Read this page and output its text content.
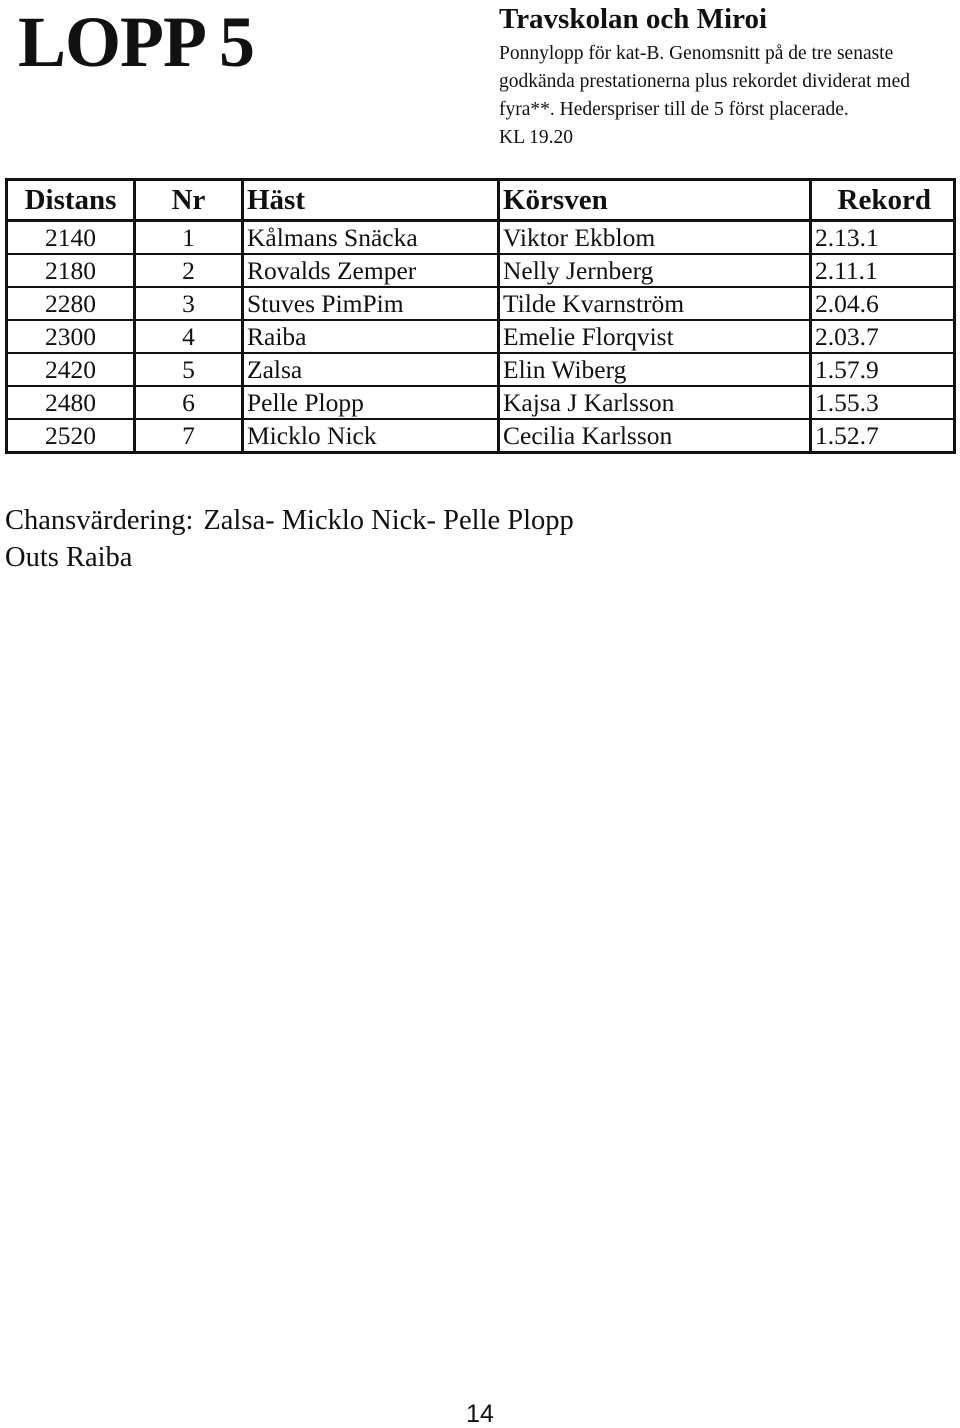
LOPP 5	Travskolan och Miroi

Ponnylopp för kat-B. Genomsnitt på de tre senaste godkända prestationerna plus rekordet dividerat med fyra**. Hederspriser till de 5 först placerade.

KL 19.20

Distans	Nr	Häst	Körsven	Rekord
2140	1	Kålmans Snäcka	Viktor Ekblom	2.13.1
2180	2	Rovalds Zemper	Nelly Jernberg	2.11.1
2280	3	Stuves PimPim	Tilde Kvarnström	2.04.6
2300	4	Raiba	Emelie Florqvist	2.03.7
2420	5	Zalsa	Elin Wiberg	1.57.9
2480	6	Pelle Plopp	Kajsa J Karlsson	1.55.3
2520	7	Micklo Nick	Cecilia Karlsson	1.52.7

Chansvärdering: Zalsa- Micklo Nick- Pelle Plopp

Outs Raiba

14
